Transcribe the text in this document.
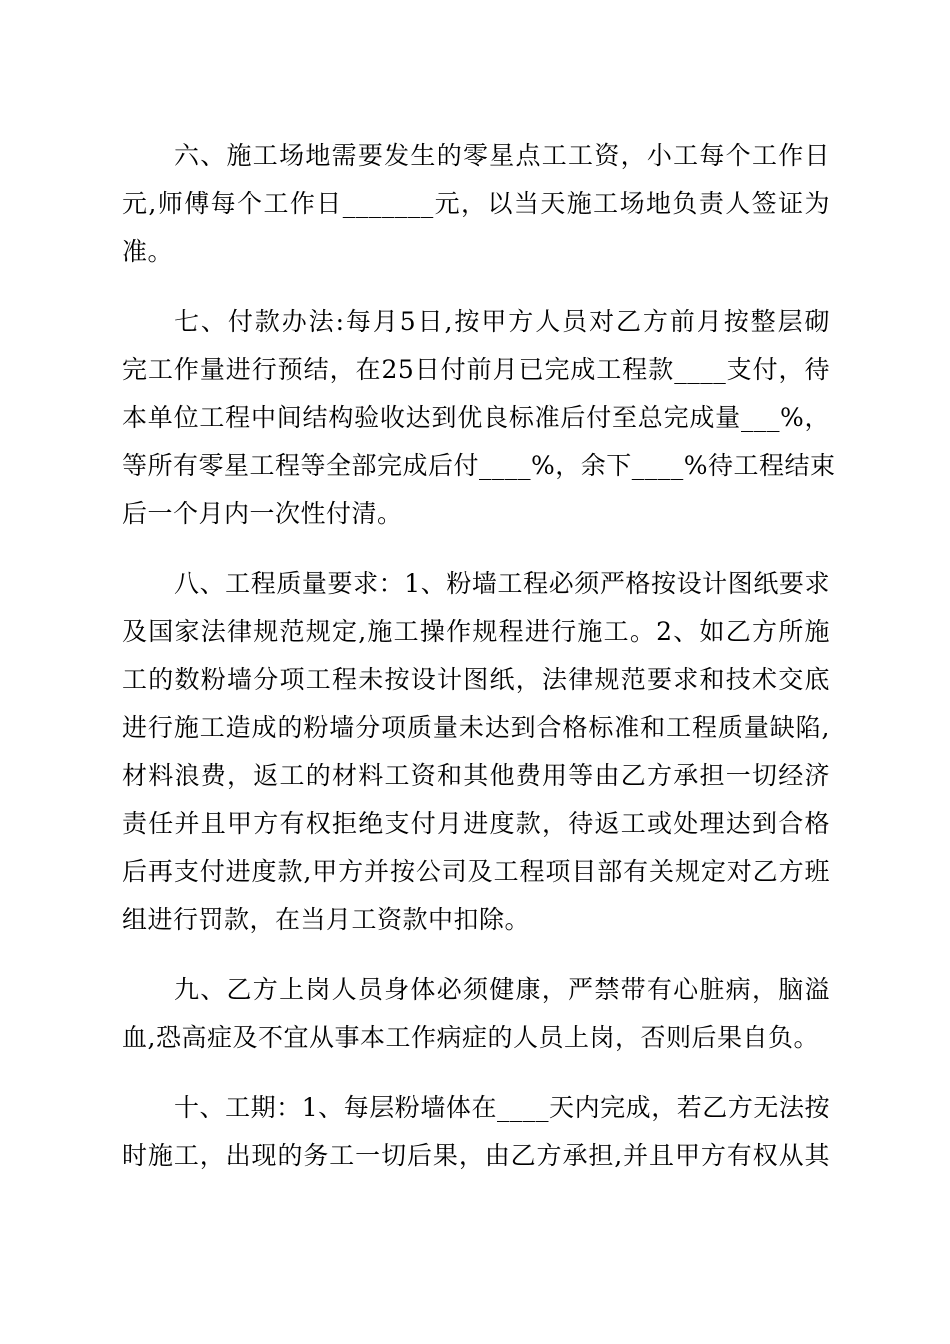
六、施工场地需要发生的零星点工工资，小工每个工作日
元,师傅每个工作日_______元，以当天施工场地负责人签证为
准。
七、付款办法:每月5日,按甲方人员对乙方前月按整层砌
完工作量进行预结，在25日付前月已完成工程款____支付，待
本单位工程中间结构验收达到优良标准后付至总完成量___%，
等所有零星工程等全部完成后付____%，余下____%待工程结束
后一个月内一次性付清。
八、工程质量要求：1、粉墙工程必须严格按设计图纸要求
及国家法律规范规定,施工操作规程进行施工。2、如乙方所施
工的数粉墙分项工程未按设计图纸，法律规范要求和技术交底
进行施工造成的粉墙分项质量未达到合格标准和工程质量缺陷,
材料浪费，返工的材料工资和其他费用等由乙方承担一切经济
责任并且甲方有权拒绝支付月进度款，待返工或处理达到合格
后再支付进度款,甲方并按公司及工程项目部有关规定对乙方班
组进行罚款，在当月工资款中扣除。
九、乙方上岗人员身体必须健康，严禁带有心脏病，脑溢
血,恐高症及不宜从事本工作病症的人员上岗，否则后果自负。
十、工期：1、每层粉墙体在____天内完成，若乙方无法按
时施工，出现的务工一切后果，由乙方承担,并且甲方有权从其
